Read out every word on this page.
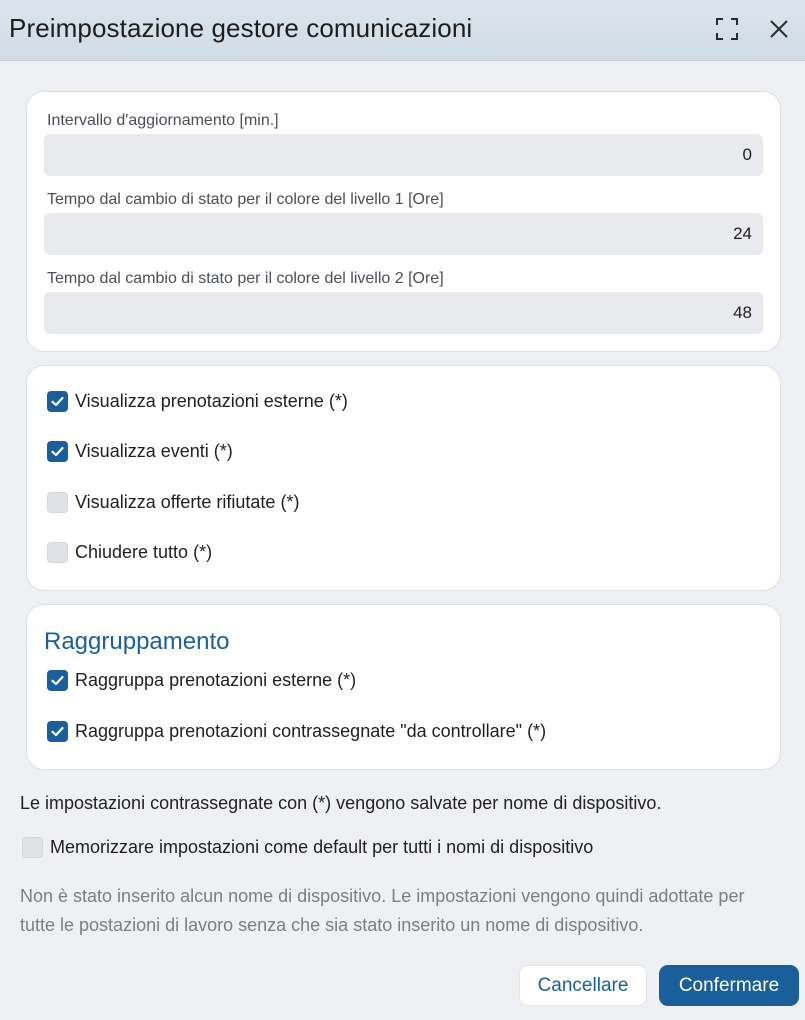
Preimpostazione gestore comunicazioni
Intervallo d'aggiornamento [min.]
0
Tempo dal cambio di stato per il colore del livello 1 [Ore]
24
Tempo dal cambio di stato per il colore del livello 2 [Ore]
48
Visualizza prenotazioni esterne (*)
Visualizza eventi (*)
Visualizza offerte rifiutate (*)
Chiudere tutto (*)
Raggruppamento
Raggruppa prenotazioni esterne (*)
Raggruppa prenotazioni contrassegnate "da controllare" (*)
Le impostazioni contrassegnate con (*) vengono salvate per nome di dispositivo.
Memorizzare impostazioni come default per tutti i nomi di dispositivo
Non è stato inserito alcun nome di dispositivo. Le impostazioni vengono quindi adottate per
tutte le postazioni di lavoro senza che sia stato inserito un nome di dispositivo.
Cancellare	Confermare
